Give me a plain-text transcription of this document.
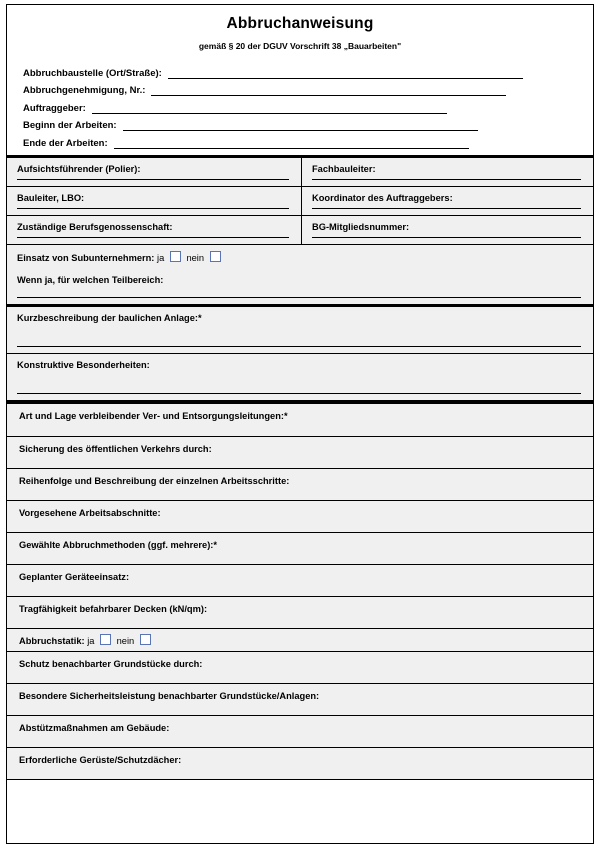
Abbruchanweisung
gemäß § 20 der DGUV Vorschrift 38 „Bauarbeiten"
Abbruchbaustelle (Ort/Straße):
Abbruchgenehmigung, Nr.:
Auftraggeber:
Beginn der Arbeiten:
Ende der Arbeiten:
Aufsichtsführender (Polier):	Fachbauleiter:
Bauleiter, LBO:	Koordinator des Auftraggebers:
Zuständige Berufsgenossenschaft:	BG-Mitgliedsnummer:
Einsatz von Subunternehmern: ja nein
Wenn ja, für welchen Teilbereich:
Kurzbeschreibung der baulichen Anlage:*
Konstruktive Besonderheiten:
Art und Lage verbleibender Ver- und Entsorgungsleitungen:*
Sicherung des öffentlichen Verkehrs durch:
Reihenfolge und Beschreibung der einzelnen Arbeitsschritte:
Vorgesehene Arbeitsabschnitte:
Gewählte Abbruchmethoden (ggf. mehrere):*
Geplanter Geräteeinsatz:
Tragfähigkeit befahrbarer Decken (kN/qm):
Abbruchstatik: ja nein
Schutz benachbarter Grundstücke durch:
Besondere Sicherheitsleistung benachbarter Grundstücke/Anlagen:
Abstützmaßnahmen am Gebäude:
Erforderliche Gerüste/Schutzdächer:
